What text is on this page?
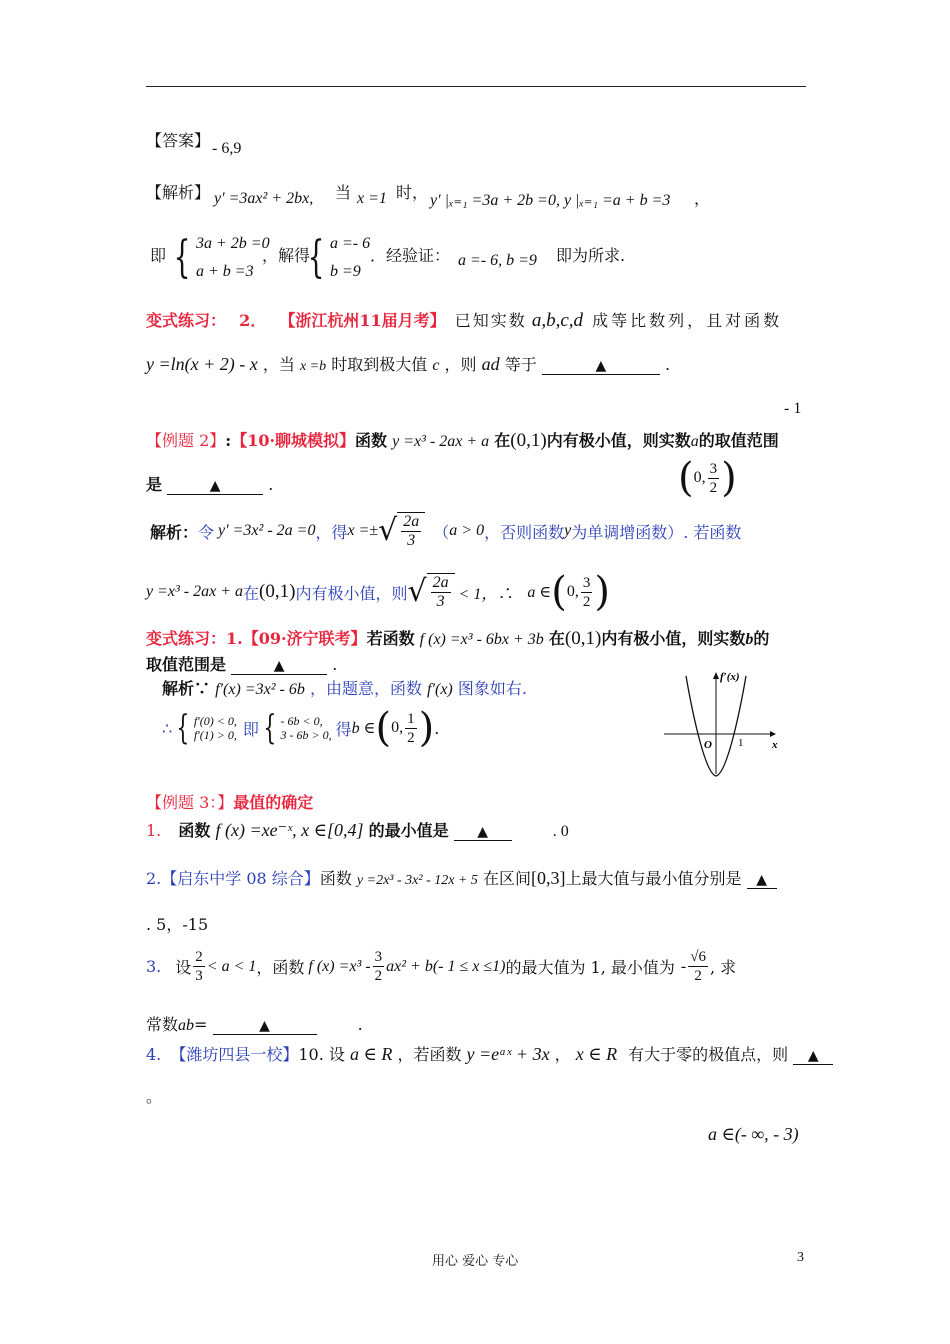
【答案】 - 6,9
【解析】 y′ =3ax² + 2bx, 当 x =1 时， y′ |ₓ₌₁ =3a + 2b =0, y |ₓ₌₁ =a + b =3 ，
即 { 3a + 2b =0
a + b =3
，解得
{ a =- 6
b =9
．经验证： a =- 6, b =9 即为所求.
变式练习： 2． 【浙江杭州11届月考】 已知实数 a,b,c,d 成等比数列，且对函数
y =ln(x + 2) - x ，当 x =b 时取到极大值 c ，则 ad 等于	▲	.
- 1
【例题 2】:【10·聊城模拟】函数 y =x³ - 2ax + a 在(0,1)内有极小值，则实数a的取值范围
是	▲	.	( 0, $\frac{3}{2}$ )
解析： 令 y′ =3x² - 2a =0 ，得 x =± √ $\frac{2a}{3}$ （ a > 0 ，否则函数 y 为单调增函数）. 若函数
y =x³ - 2ax + a 在 (0,1) 内有极小值，则 √ $\frac{2a}{3} < 1$，∴ a ∈ ( 0, $\frac{3}{2}$ )
变式练习：1.【09·济宁联考】若函数 f (x) =x³ - 6bx + 3b 在(0,1)内有极小值，则实数b的
取值范围是	▲	.
解析∵ f′(x) =3x² - 6b ，由题意，函数 f′(x) 图象如右.
∴ { f′(0) < 0,
f′(1) > 0, 即 { - 6b < 0,
3 - 6b > 0, 得 b ∈ ( 0, $\frac{1}{2}$ ) .
f′(x)
x
O 1
【例题 3：】最值的确定
1. 函数 f (x) =xe⁻ˣ, x ∈[0,4] 的最小值是 ▲	. 0
2.【启东中学 08 综合】函数 y =2x³ - 3x² - 12x + 5 在区间[0,3]上最大值与最小值分别是 ▲
. 5，-15
3. 设 $\frac{2}{3} < a < 1$ ，函数 f $(x) =x^3 - \frac{3}{2} ax^2 + b(-$ 1 ≤ x ≤1) 的最大值为 1, 最小值为 - $\frac{√6}{2}$ , 求
常数ab=	▲	.
4. 【潍坊四县一校】10. 设 a ∈ R ，若函数 y =eᵃˣ + 3x ， x ∈ R 有大于零的极值点，则 ▲
。
a ∈(- ∞, - 3)
用心 爱心 专心	3
